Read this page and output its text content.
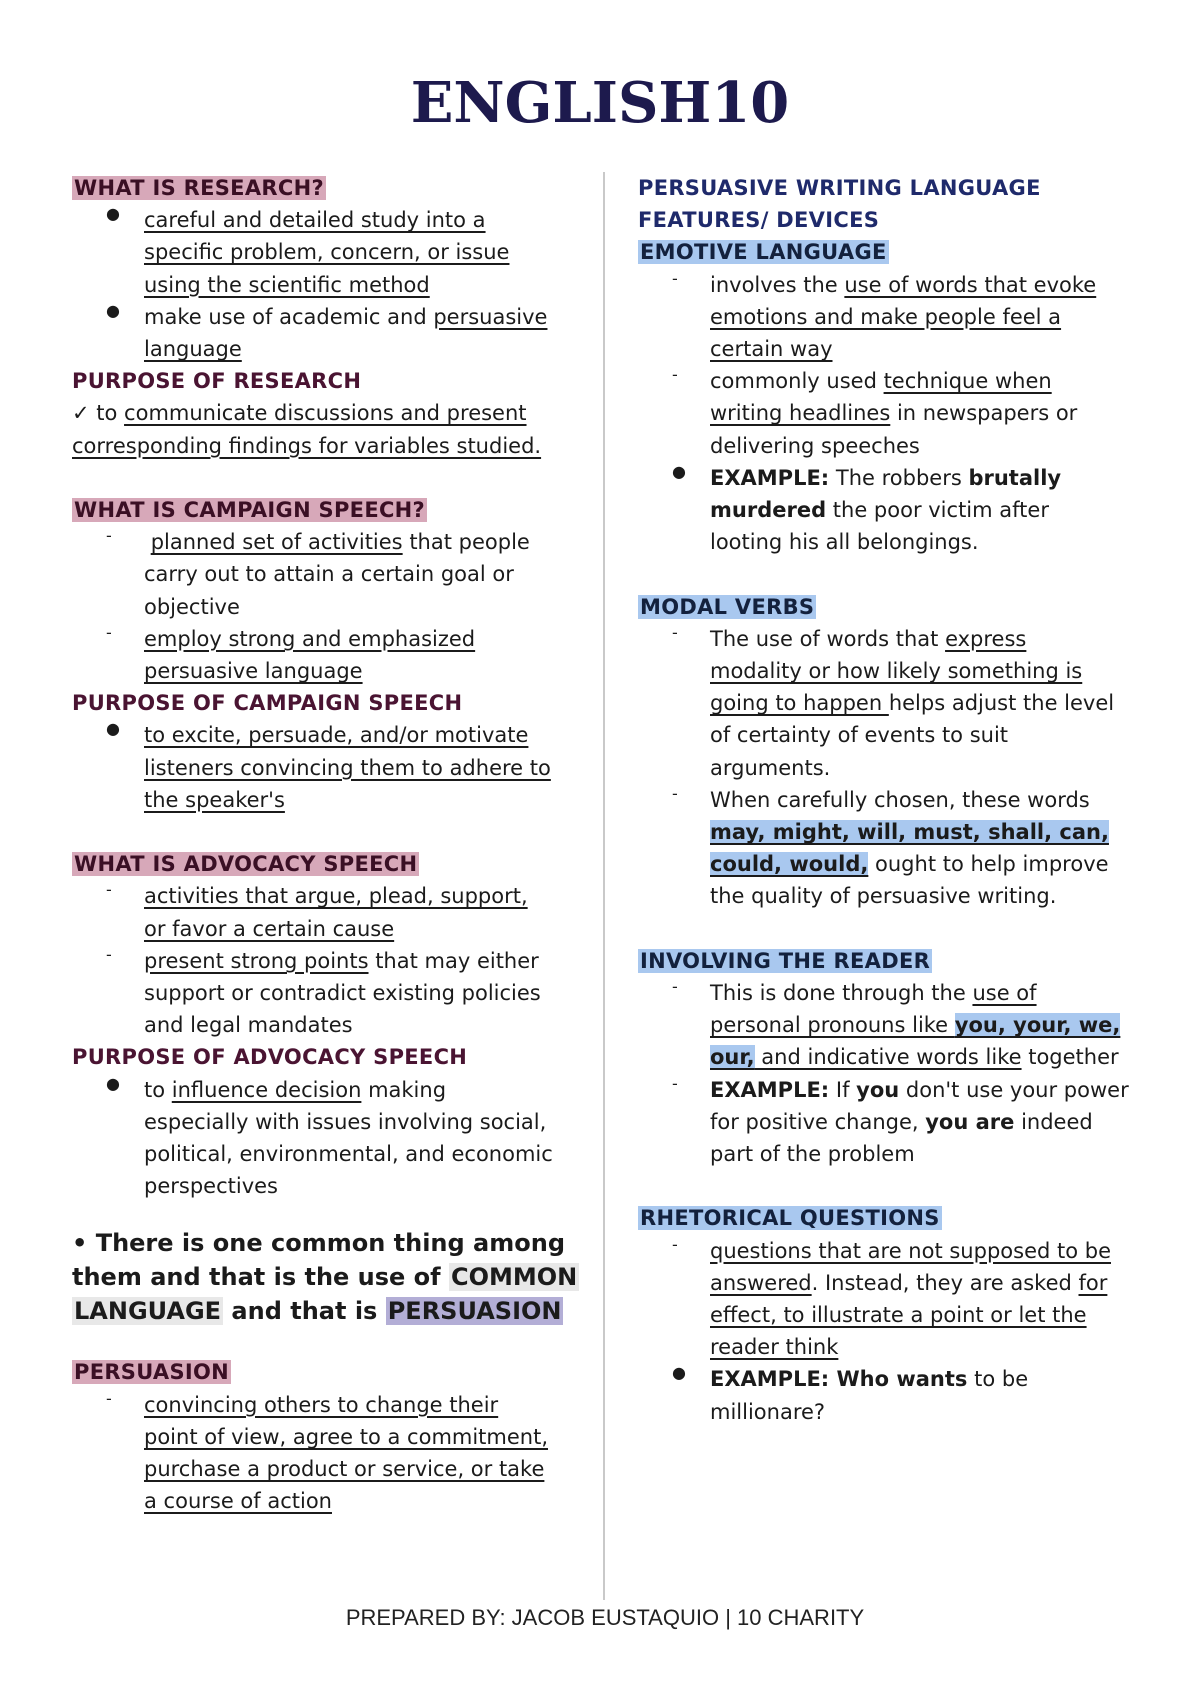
ENGLISH10
WHAT IS RESEARCH?
● careful and detailed study into a
specific problem, concern, or issue
using the scientific method
● make use of academic and persuasive
language
PURPOSE OF RESEARCH
✓ to communicate discussions and present
corresponding findings for variables studied.
WHAT IS CAMPAIGN SPEECH?
-	planned set of activities that people
carry out to attain a certain goal or
objective
- employ strong and emphasized
persuasive language
PURPOSE OF CAMPAIGN SPEECH
● to excite, persuade, and/or motivate
listeners convincing them to adhere to
the speaker's
WHAT IS ADVOCACY SPEECH
- activities that argue, plead, support,
or favor a certain cause
- present strong points that may either
support or contradict existing policies
and legal mandates
PURPOSE OF ADVOCACY SPEECH
● to influence decision making
especially with issues involving social,
political, environmental, and economic
perspectives
• There is one common thing among
them and that is the use of COMMON
LANGUAGE and that is PERSUASION
PERSUASION
- convincing others to change their
point of view, agree to a commitment,
purchase a product or service, or take
a course of action
PERSUASIVE WRITING LANGUAGE
FEATURES/ DEVICES
EMOTIVE LANGUAGE
- involves the use of words that evoke
emotions and make people feel a
certain way
- commonly used technique when
writing headlines in newspapers or
delivering speeches
● EXAMPLE: The robbers brutally
murdered the poor victim after
looting his all belongings.
MODAL VERBS
- The use of words that express
modality or how likely something is
going to happen helps adjust the level
of certainty of events to suit
arguments.
- When carefully chosen, these words
may, might, will, must, shall, can,
could, would, ought to help improve
the quality of persuasive writing.
INVOLVING THE READER
- This is done through the use of
personal pronouns like you, your, we,
our, and indicative words like together
- EXAMPLE: If you don't use your power
for positive change, you are indeed
part of the problem
RHETORICAL QUESTIONS
- questions that are not supposed to be
answered. Instead, they are asked for
effect, to illustrate a point or let the
reader think
● EXAMPLE: Who wants to be
millionare?
PREPARED BY: JACOB EUSTAQUIO | 10 CHARITY
